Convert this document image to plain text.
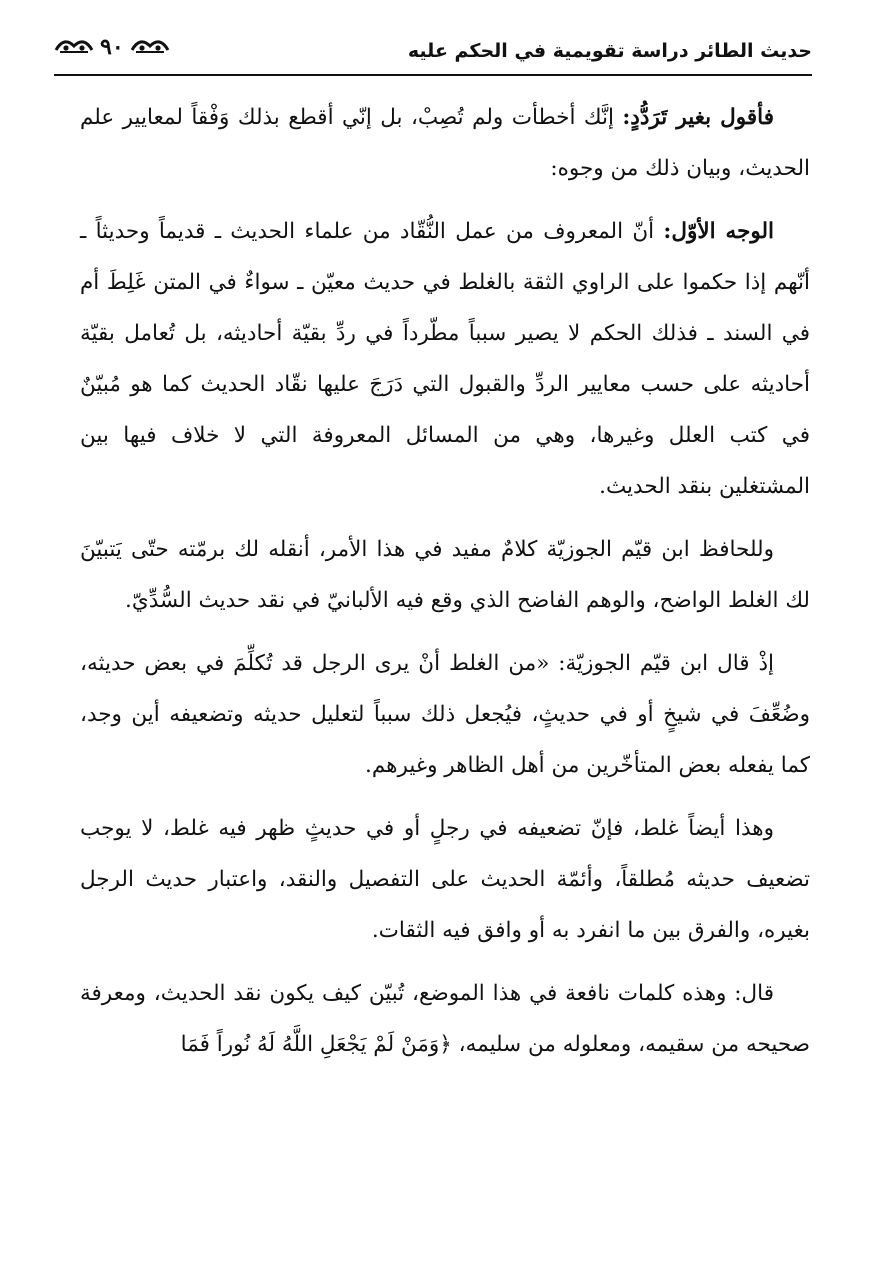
حديث الطائر دراسة تقويمية في الحكم عليه
٩٠

فأقول بغير تَرَدُّدٍ: إنَّك أخطأت ولم تُصِبْ، بل إنّي أقطع بذلك وَفْقاً لمعايير علم الحديث، وبيان ذلك من وجوه:

الوجه الأوّل: أنّ المعروف من عمل النُّقّاد من علماء الحديث ـ قديماً وحديثاً ـ أنّهم إذا حكموا على الراوي الثقة بالغلط في حديث معيّن ـ سواءٌ في المتن غَلِطَ أم في السند ـ فذلك الحكم لا يصير سبباً مطّرداً في ردِّ بقيّة أحاديثه، بل تُعامل بقيّة أحاديثه على حسب معايير الردِّ والقبول التي دَرَجَ عليها نقّاد الحديث كما هو مُبيّنٌ في كتب العلل وغيرها، وهي من المسائل المعروفة التي لا خلاف فيها بين المشتغلين بنقد الحديث.

وللحافظ ابن قيّم الجوزيّة كلامٌ مفيد في هذا الأمر، أنقله لك برمّته حتّى يَتبيّنَ لك الغلط الواضح، والوهم الفاضح الذي وقع فيه الألبانيّ في نقد حديث السُّدِّيّ.

إذْ قال ابن قيّم الجوزيّة: «من الغلط أنْ يرى الرجل قد تُكلِّمَ في بعض حديثه، وضُعِّفَ في شيخٍ أو في حديثٍ، فيُجعل ذلك سبباً لتعليل حديثه وتضعيفه أين وجد، كما يفعله بعض المتأخّرين من أهل الظاهر وغيرهم.

وهذا أيضاً غلط، فإنّ تضعيفه في رجلٍ أو في حديثٍ ظهر فيه غلط، لا يوجب تضعيف حديثه مُطلقاً، وأئمّة الحديث على التفصيل والنقد، واعتبار حديث الرجل بغيره، والفرق بين ما انفرد به أو وافق فيه الثقات.

قال: وهذه كلمات نافعة في هذا الموضع، تُبيّن كيف يكون نقد الحديث، ومعرفة صحيحه من سقيمه، ومعلوله من سليمه، ﴿وَمَنْ لَمْ يَجْعَلِ اللَّهُ لَهُ نُوراً فَمَا
